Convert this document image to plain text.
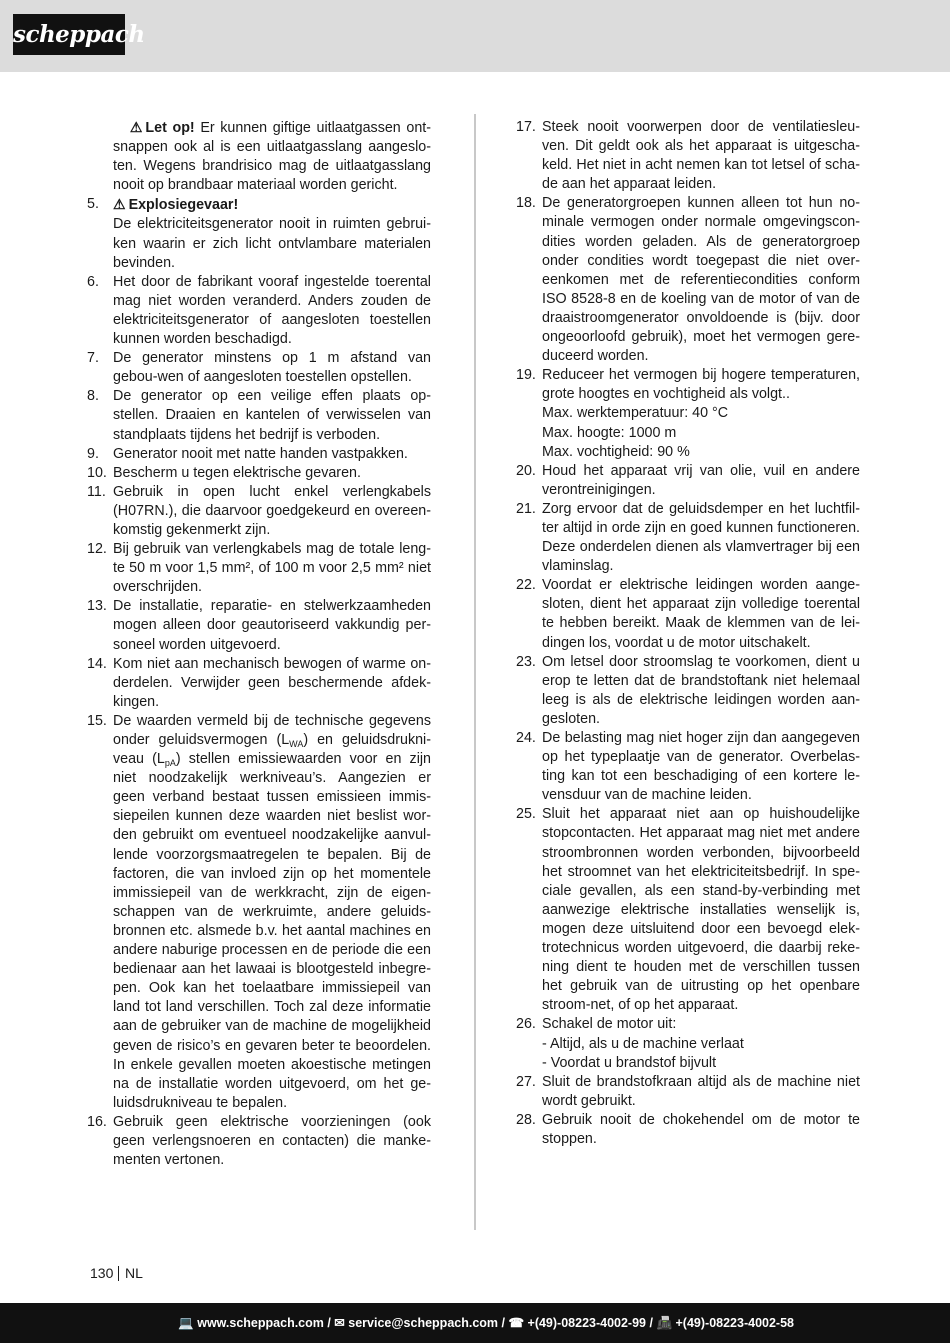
scheppach
⚠ Let op! Er kunnen giftige uitlaatgassen ont-snappen ook al is een uitlaatgasslang aangeslo-ten. Wegens brandrisico mag de uitlaatgasslang nooit op brandbaar materiaal worden gericht.
5.	⚠ Explosiegevaar!
De elektriciteitsgenerator nooit in ruimten gebrui-ken waarin er zich licht ontvlambare materialen bevinden.
6. Het door de fabrikant vooraf ingestelde toerental mag niet worden veranderd. Anders zouden de elektriciteitsgenerator of aangesloten toestellen kunnen worden beschadigd.
7. De generator minstens op 1 m afstand van gebou-wen of aangesloten toestellen opstellen.
8. De generator op een veilige effen plaats op-stellen. Draaien en kantelen of verwisselen van standplaats tijdens het bedrijf is verboden.
9. Generator nooit met natte handen vastpakken.
10. Bescherm u tegen elektrische gevaren.
11. Gebruik in open lucht enkel verlengkabels (H07RN.), die daarvoor goedgekeurd en overeen-komstig gekenmerkt zijn.
12. Bij gebruik van verlengkabels mag de totale leng-te 50 m voor 1,5 mm², of 100 m voor 2,5 mm² niet overschrijden.
13. De installatie, reparatie- en stelwerkzaamheden mogen alleen door geautoriseerd vakkundig per-soneel worden uitgevoerd.
14. Kom niet aan mechanisch bewogen of warme on-derdelen. Verwijder geen beschermende afdek-kingen.
15. De waarden vermeld bij de technische gegevens onder geluidsvermogen $(L_{WA})$ en geluidsdrukni-veau $(L_{pA})$ stellen emissiewaarden voor en zijn niet noodzakelijk werkniveau’s. Aangezien er geen verband bestaat tussen emissieen immis-siepeilen kunnen deze waarden niet beslist wor-den gebruikt om eventueel noodzakelijke aanvul-lende voorzorgsmaatregelen te bepalen. Bij de factoren, die van invloed zijn op het momentele immissiepeil van de werkkracht, zijn de eigen-schappen van de werkruimte, andere geluids-bronnen etc. alsmede b.v. het aantal machines en andere naburige processen en de periode die een bedienaar aan het lawaai is blootgesteld inbegre-pen. Ook kan het toelaatbare immissiepeil van land tot land verschillen. Toch zal deze informatie aan de gebruiker van de machine de mogelijkheid geven de risico’s en gevaren beter te beoordelen. In enkele gevallen moeten akoestische metingen na de installatie worden uitgevoerd, om het ge-luidsdrukniveau te bepalen.
16. Gebruik geen elektrische voorzieningen (ook geen verlengsnoeren en contacten) die manke-menten vertonen.
17. Steek nooit voorwerpen door de ventilatiesleu-ven. Dit geldt ook als het apparaat is uitgescha-keld. Het niet in acht nemen kan tot letsel of scha-de aan het apparaat leiden.
18. De generatorgroepen kunnen alleen tot hun no-minale vermogen onder normale omgevingscon-dities worden geladen. Als de generatorgroep onder condities wordt toegepast die niet over-eenkomen met de referentiecondities conform ISO 8528-8 en de koeling van de motor of van de draaistroomgenerator onvoldoende is (bijv. door ongeoorloofd gebruik), moet het vermogen gere-duceerd worden.
19. Reduceer het vermogen bij hogere temperaturen, grote hoogtes en vochtigheid als volgt..
Max. werktemperatuur: 40 °C
Max. hoogte: 1000 m
Max. vochtigheid: 90 %
20. Houd het apparaat vrij van olie, vuil en andere verontreinigingen.
21. Zorg ervoor dat de geluidsdemper en het luchtfil-ter altijd in orde zijn en goed kunnen functioneren. Deze onderdelen dienen als vlamvertrager bij een vlaminslag.
22. Voordat er elektrische leidingen worden aange-sloten, dient het apparaat zijn volledige toerental te hebben bereikt. Maak de klemmen van de lei-dingen los, voordat u de motor uitschakelt.
23. Om letsel door stroomslag te voorkomen, dient u erop te letten dat de brandstoftank niet helemaal leeg is als de elektrische leidingen worden aan-gesloten.
24. De belasting mag niet hoger zijn dan aangegeven op het typeplaatje van de generator. Overbelas-ting kan tot een beschadiging of een kortere le-vensduur van de machine leiden.
25. Sluit het apparaat niet aan op huishoudelijke stopcontacten. Het apparaat mag niet met andere stroombronnen worden verbonden, bijvoorbeeld het stroomnet van het elektriciteitsbedrijf. In spe-ciale gevallen, als een stand-by-verbinding met aanwezige elektrische installaties wenselijk is, mogen deze uitsluitend door een bevoegd elek-trotechnicus worden uitgevoerd, die daarbij reke-ning dient te houden met de verschillen tussen het gebruik van de uitrusting op het openbare stroom-net, of op het apparaat.
26. Schakel de motor uit:
- Altijd, als u de machine verlaat
- Voordat u brandstof bijvult
27. Sluit de brandstofkraan altijd als de machine niet wordt gebruikt.
28. Gebruik nooit de chokehendel om de motor te stoppen.
130 NL
💻 www.scheppach.com / ✉ service@scheppach.com / ☎ +(49)-08223-4002-99 / 📠 +(49)-08223-4002-58
